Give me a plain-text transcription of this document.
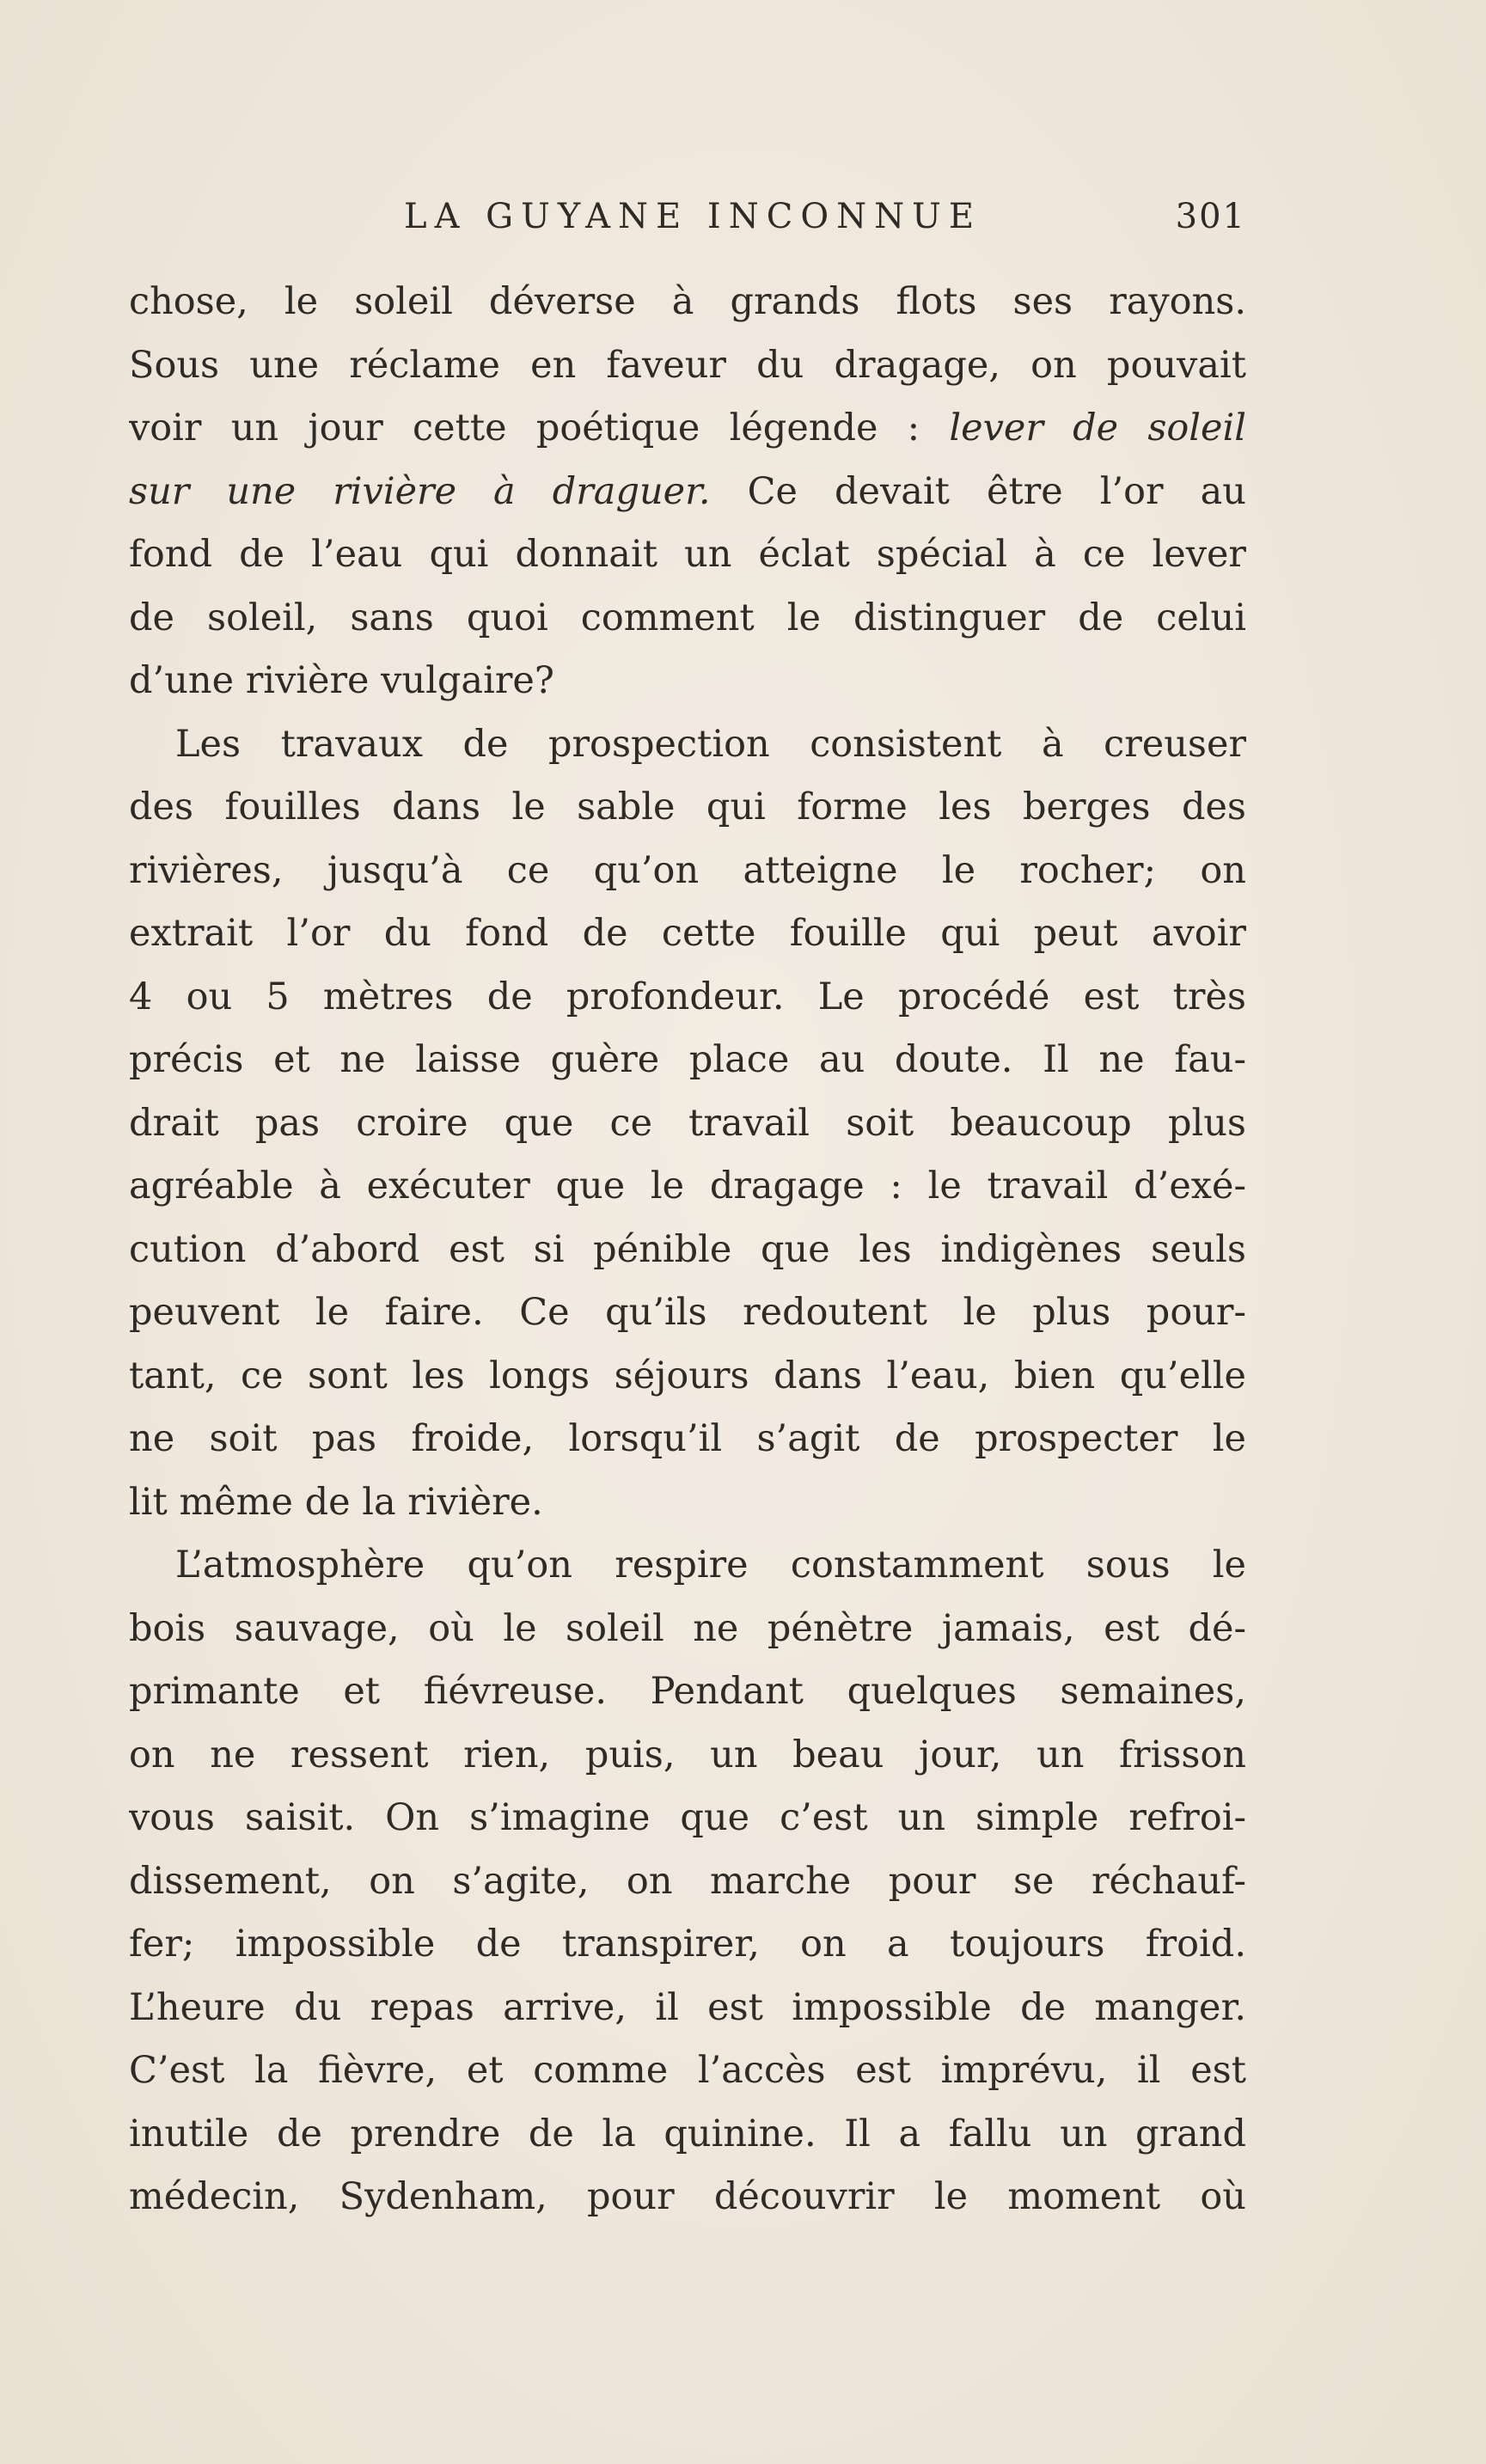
LA GUYANE INCONNUE	301
chose, le soleil déverse à grands flots ses rayons.
Sous une réclame en faveur du dragage, on pouvait
voir un jour cette poétique légende : lever de soleil
sur une rivière à draguer. Ce devait être l’or au
fond de l’eau qui donnait un éclat spécial à ce lever
de soleil, sans quoi comment le distinguer de celui
d’une rivière vulgaire?
Les travaux de prospection consistent à creuser
des fouilles dans le sable qui forme les berges des
rivières, jusqu’à ce qu’on atteigne le rocher; on
extrait l’or du fond de cette fouille qui peut avoir
4 ou 5 mètres de profondeur. Le procédé est très
précis et ne laisse guère place au doute. Il ne fau-
drait pas croire que ce travail soit beaucoup plus
agréable à exécuter que le dragage : le travail d’exé-
cution d’abord est si pénible que les indigènes seuls
peuvent le faire. Ce qu’ils redoutent le plus pour-
tant, ce sont les longs séjours dans l’eau, bien qu’elle
ne soit pas froide, lorsqu’il s’agit de prospecter le
lit même de la rivière.
L’atmosphère qu’on respire constamment sous le
bois sauvage, où le soleil ne pénètre jamais, est dé-
primante et fiévreuse. Pendant quelques semaines,
on ne ressent rien, puis, un beau jour, un frisson
vous saisit. On s’imagine que c’est un simple refroi-
dissement, on s’agite, on marche pour se réchauf-
fer; impossible de transpirer, on a toujours froid.
L’heure du repas arrive, il est impossible de manger.
C’est la fièvre, et comme l’accès est imprévu, il est
inutile de prendre de la quinine. Il a fallu un grand
médecin, Sydenham, pour découvrir le moment où
